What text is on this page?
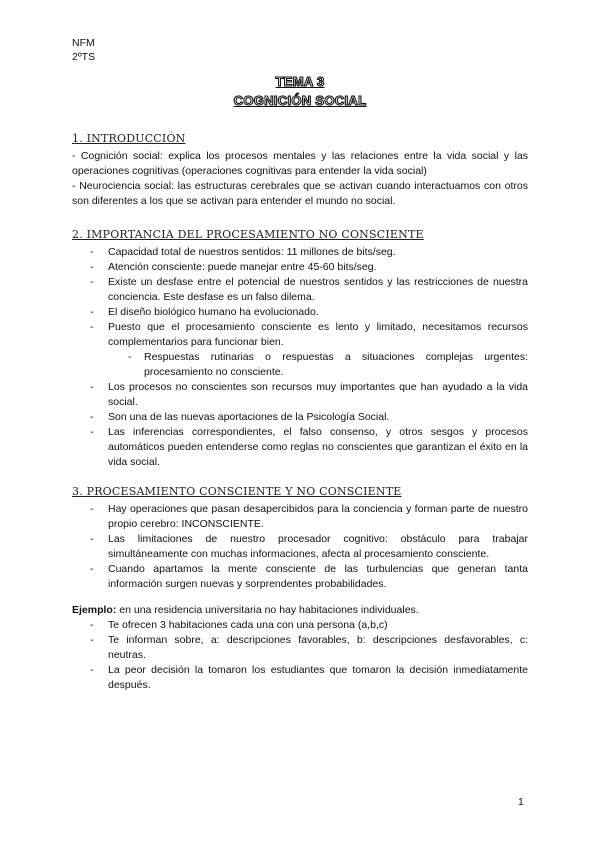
NFM
2ºTS
TEMA 3
COGNICIÓN SOCIAL
1. INTRODUCCIÓN

- Cognición social: explica los procesos mentales y las relaciones entre la vida social y las operaciones cognitivas (operaciones cognitivas para entender la vida social)

- Neurociencia social: las estructuras cerebrales que se activan cuando interactuamos con otros son diferentes a los que se activan para entender el mundo no social.

2. IMPORTANCIA DEL PROCESAMIENTO NO CONSCIENTE
- Capacidad total de nuestros sentidos: 11 millones de bits/seg.
- Atención consciente: puede manejar entre 45-60 bits/seg.
- Existe un desfase entre el potencial de nuestros sentidos y las restricciones de nuestra conciencia. Este desfase es un falso dilema.
- El diseño biológico humano ha evolucionado.
- Puesto que el procesamiento consciente es lento y limitado, necesitamos recursos complementarios para funcionar bien.
- Respuestas rutinarias o respuestas a situaciones complejas urgentes: procesamiento no consciente.
- Los procesos no conscientes son recursos muy importantes que han ayudado a la vida social.
- Son una de las nuevas aportaciones de la Psicología Social.
- Las inferencias correspondientes, el falso consenso, y otros sesgos y procesos automáticos pueden entenderse como reglas no conscientes que garantizan el éxito en la vida social.
3. PROCESAMIENTO CONSCIENTE Y NO CONSCIENTE
- Hay operaciones que pasan desapercibidos para la conciencia y forman parte de nuestro propio cerebro: INCONSCIENTE.
- Las limitaciones de nuestro procesador cognitivo: obstáculo para trabajar simultáneamente con muchas informaciones, afecta al procesamiento consciente.
- Cuando apartamos la mente consciente de las turbulencias que generan tanta información surgen nuevas y sorprendentes probabilidades.

Ejemplo: en una residencia universitaria no hay habitaciones individuales.

- Te ofrecen 3 habitaciones cada una con una persona (a,b,c)
- Te informan sobre, a: descripciones favorables, b: descripciones desfavorables, c: neutras.
- La peor decisión la tomaron los estudiantes que tomaron la decisión inmediatamente después.
1
